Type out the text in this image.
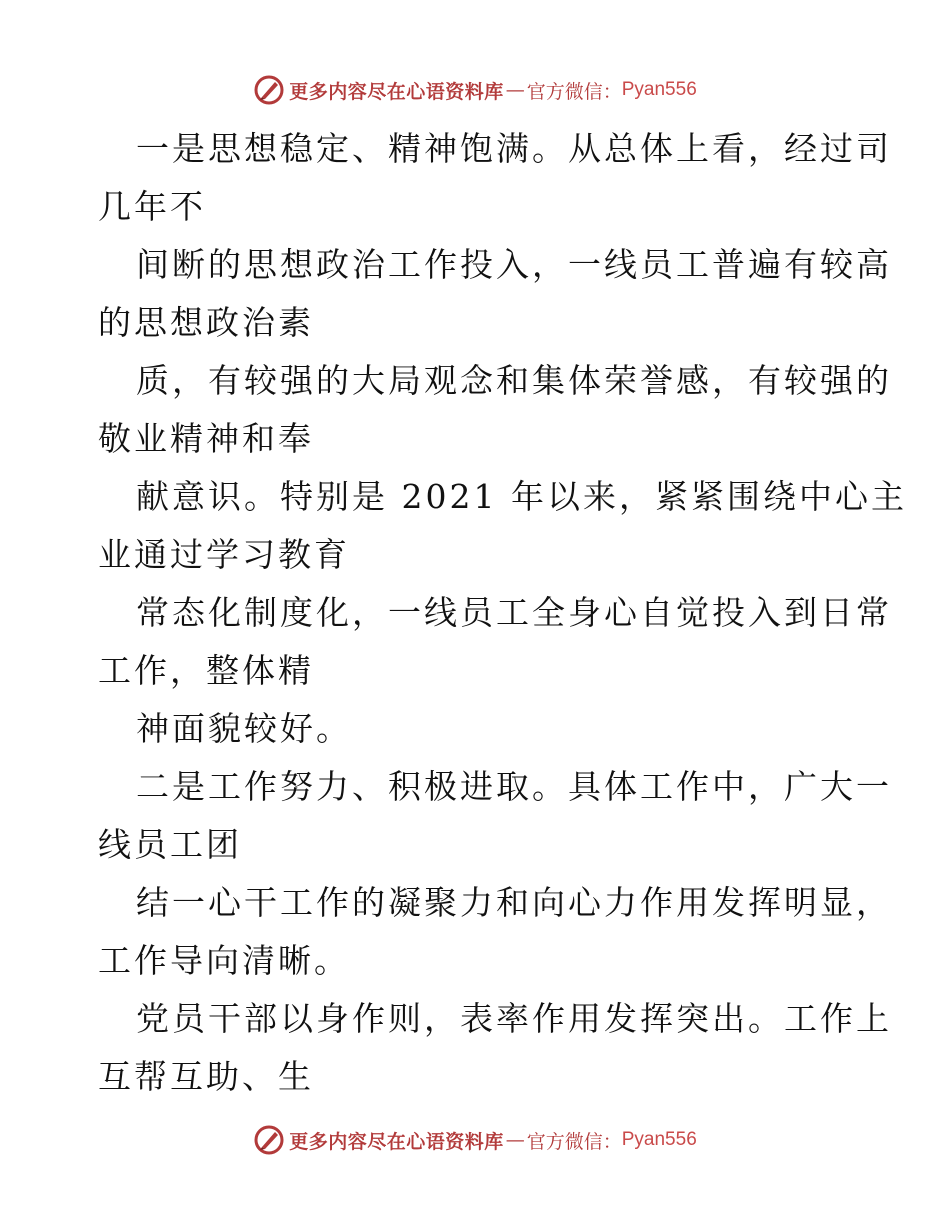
更多内容尽在心语资料库 — 官方微信： Pyan556
一是思想稳定、精神饱满。从总体上看，经过司
几年不
间断的思想政治工作投入，一线员工普遍有较高
的思想政治素
质，有较强的大局观念和集体荣誉感，有较强的
敬业精神和奉
献意识。特别是 2021 年以来，紧紧围绕中心主
业通过学习教育
常态化制度化，一线员工全身心自觉投入到日常
工作，整体精
神面貌较好。
二是工作努力、积极进取。具体工作中，广大一
线员工团
结一心干工作的凝聚力和向心力作用发挥明显，
工作导向清晰。
党员干部以身作则，表率作用发挥突出。工作上
互帮互助、生
更多内容尽在心语资料库 — 官方微信： Pyan556
